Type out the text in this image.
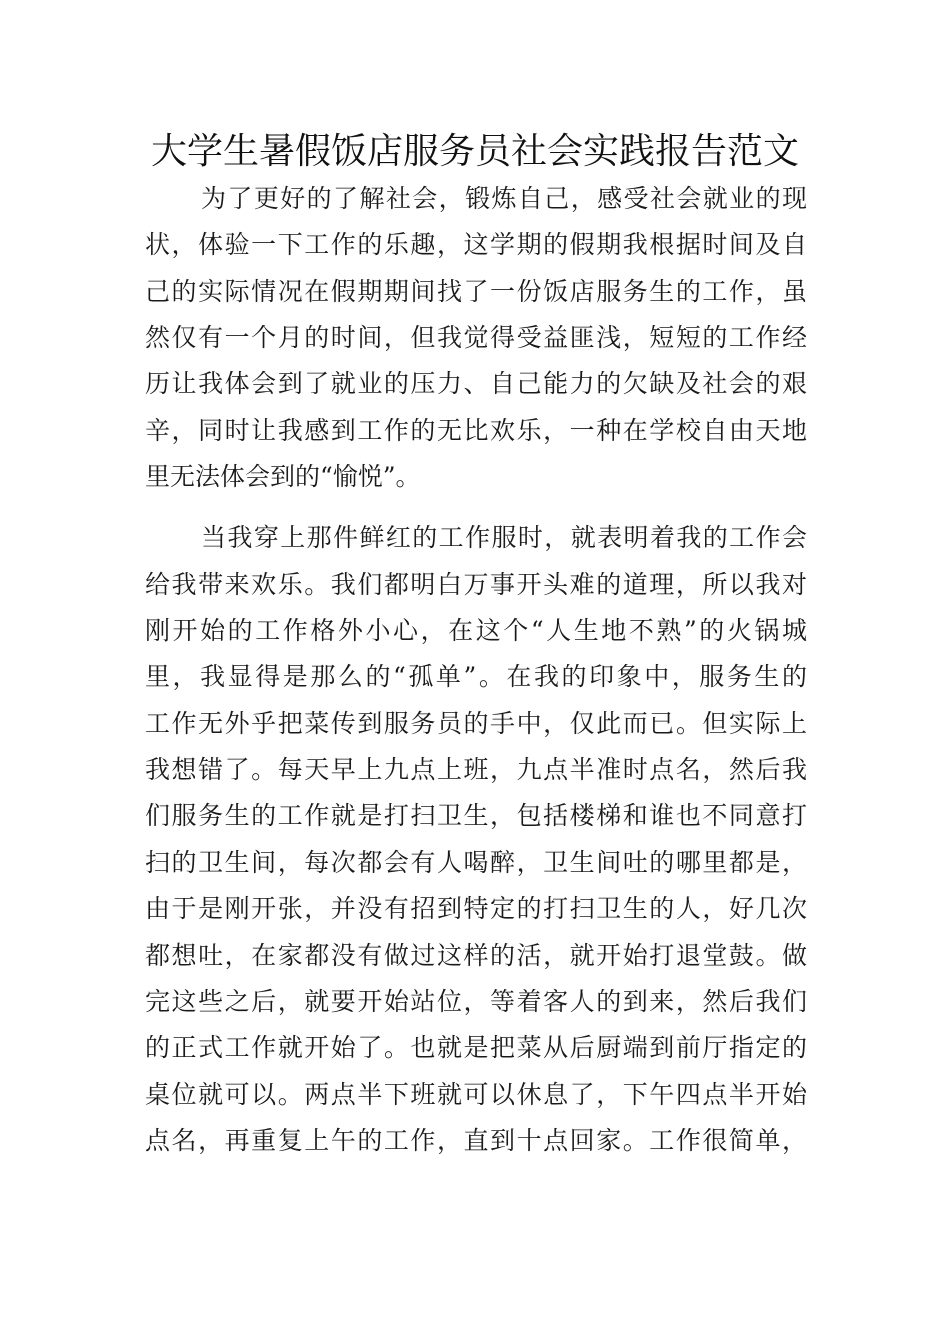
大学生暑假饭店服务员社会实践报告范文
为了更好的了解社会，锻炼自己，感受社会就业的现
状，体验一下工作的乐趣，这学期的假期我根据时间及自
己的实际情况在假期期间找了一份饭店服务生的工作，虽
然仅有一个月的时间，但我觉得受益匪浅，短短的工作经
历让我体会到了就业的压力、自己能力的欠缺及社会的艰
辛，同时让我感到工作的无比欢乐，一种在学校自由天地
里无法体会到的“愉悦”。
当我穿上那件鲜红的工作服时，就表明着我的工作会
给我带来欢乐。我们都明白万事开头难的道理，所以我对
刚开始的工作格外小心，在这个“人生地不熟”的火锅城
里，我显得是那么的“孤单”。在我的印象中，服务生的
工作无外乎把菜传到服务员的手中，仅此而已。但实际上
我想错了。每天早上九点上班，九点半准时点名，然后我
们服务生的工作就是打扫卫生，包括楼梯和谁也不同意打
扫的卫生间，每次都会有人喝醉，卫生间吐的哪里都是，
由于是刚开张，并没有招到特定的打扫卫生的人，好几次
都想吐，在家都没有做过这样的活，就开始打退堂鼓。做
完这些之后，就要开始站位，等着客人的到来，然后我们
的正式工作就开始了。也就是把菜从后厨端到前厅指定的
桌位就可以。两点半下班就可以休息了，下午四点半开始
点名，再重复上午的工作，直到十点回家。工作很简单，
